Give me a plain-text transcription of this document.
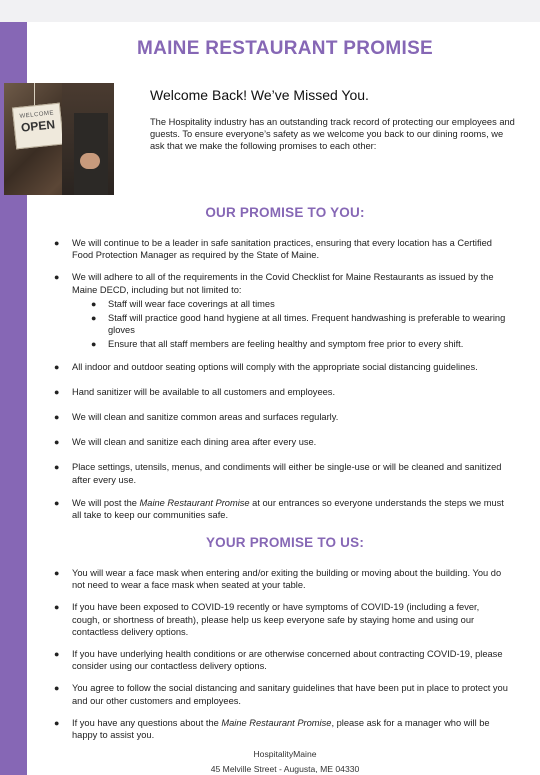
MAINE RESTAURANT PROMISE
WELCOME
OPEN
Welcome Back! We’ve Missed You.
The Hospitality industry has an outstanding track record of protecting our employees and guests. To ensure everyone’s safety as we welcome you back to our dining rooms, we ask that we make the following promises to each other:
OUR PROMISE TO YOU:
● We will continue to be a leader in safe sanitation practices, ensuring that every location has a Certified Food Protection Manager as required by the State of Maine.
● We will adhere to all of the requirements in the Covid Checklist for Maine Restaurants as issued by the Maine DECD, including but not limited to:
● Staff will wear face coverings at all times
● Staff will practice good hand hygiene at all times. Frequent handwashing is preferable to wearing gloves
● Ensure that all staff members are feeling healthy and symptom free prior to every shift.
● All indoor and outdoor seating options will comply with the appropriate social distancing guidelines.
● Hand sanitizer will be available to all customers and employees.
● We will clean and sanitize common areas and surfaces regularly.
● We will clean and sanitize each dining area after every use.
● Place settings, utensils, menus, and condiments will either be single-use or will be cleaned and sanitized after every use.
● We will post the Maine Restaurant Promise at our entrances so everyone understands the steps we must all take to keep our communities safe.
YOUR PROMISE TO US:
● You will wear a face mask when entering and/or exiting the building or moving about the building. You do not need to wear a face mask when seated at your table.
● If you have been exposed to COVID-19 recently or have symptoms of COVID-19 (including a fever, cough, or shortness of breath), please help us keep everyone safe by staying home and using our contactless delivery options.
● If you have underlying health conditions or are otherwise concerned about contracting COVID-19, please consider using our contactless delivery options.
● You agree to follow the social distancing and sanitary guidelines that have been put in place to protect you and our other customers and employees.
● If you have any questions about the Maine Restaurant Promise, please ask for a manager who will be happy to assist you.
HospitalityMaine
45 Melville Street - Augusta, ME 04330
